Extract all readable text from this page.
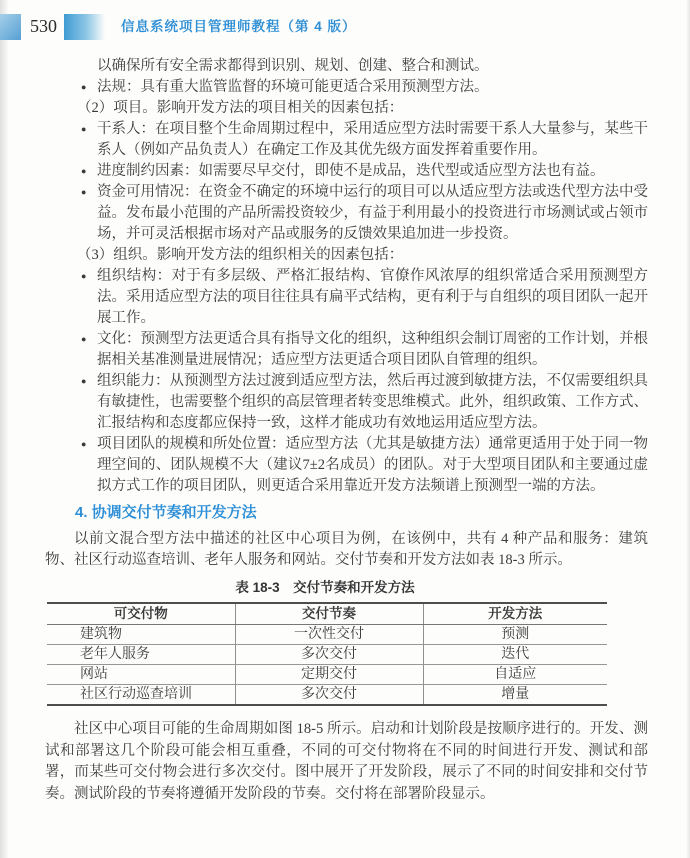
530	信息系统项目管理师教程（第 4 版）
以确保所有安全需求都得到识别、规划、创建、整合和测试。
● 法规：具有重大监管监督的环境可能更适合采用预测型方法。
（2）项目。影响开发方法的项目相关的因素包括：
● 干系人：在项目整个生命周期过程中，采用适应型方法时需要干系人大量参与，某些干系人（例如产品负责人）在确定工作及其优先级方面发挥着重要作用。
● 进度制约因素：如需要尽早交付，即使不是成品，迭代型或适应型方法也有益。
● 资金可用情况：在资金不确定的环境中运行的项目可以从适应型方法或迭代型方法中受益。发布最小范围的产品所需投资较少，有益于利用最小的投资进行市场测试或占领市场，并可灵活根据市场对产品或服务的反馈效果追加进一步投资。
（3）组织。影响开发方法的组织相关的因素包括：
● 组织结构：对于有多层级、严格汇报结构、官僚作风浓厚的组织常适合采用预测型方法。采用适应型方法的项目往往具有扁平式结构，更有利于与自组织的项目团队一起开展工作。
● 文化：预测型方法更适合具有指导文化的组织，这种组织会制订周密的工作计划，并根据相关基准测量进展情况；适应型方法更适合项目团队自管理的组织。
● 组织能力：从预测型方法过渡到适应型方法，然后再过渡到敏捷方法，不仅需要组织具有敏捷性，也需要整个组织的高层管理者转变思维模式。此外，组织政策、工作方式、汇报结构和态度都应保持一致，这样才能成功有效地运用适应型方法。
● 项目团队的规模和所处位置：适应型方法（尤其是敏捷方法）通常更适用于处于同一物理空间的、团队规模不大（建议7±2名成员）的团队。对于大型项目团队和主要通过虚拟方式工作的项目团队，则更适合采用靠近开发方法频谱上预测型一端的方法。
4. 协调交付节奏和开发方法

以前文混合型方法中描述的社区中心项目为例，在该例中，共有 4 种产品和服务：建筑物、社区行动巡查培训、老年人服务和网站。交付节奏和开发方法如表 18-3 所示。

表 18-3　交付节奏和开发方法
可交付物	交付节奏	开发方法
建筑物	一次性交付	预测
老年人服务	多次交付	迭代
网站	定期交付	自适应
社区行动巡查培训	多次交付	增量

社区中心项目可能的生命周期如图 18-5 所示。启动和计划阶段是按顺序进行的。开发、测试和部署这几个阶段可能会相互重叠，不同的可交付物将在不同的时间进行开发、测试和部署，而某些可交付物会进行多次交付。图中展开了开发阶段，展示了不同的时间安排和交付节奏。测试阶段的节奏将遵循开发阶段的节奏。交付将在部署阶段显示。
